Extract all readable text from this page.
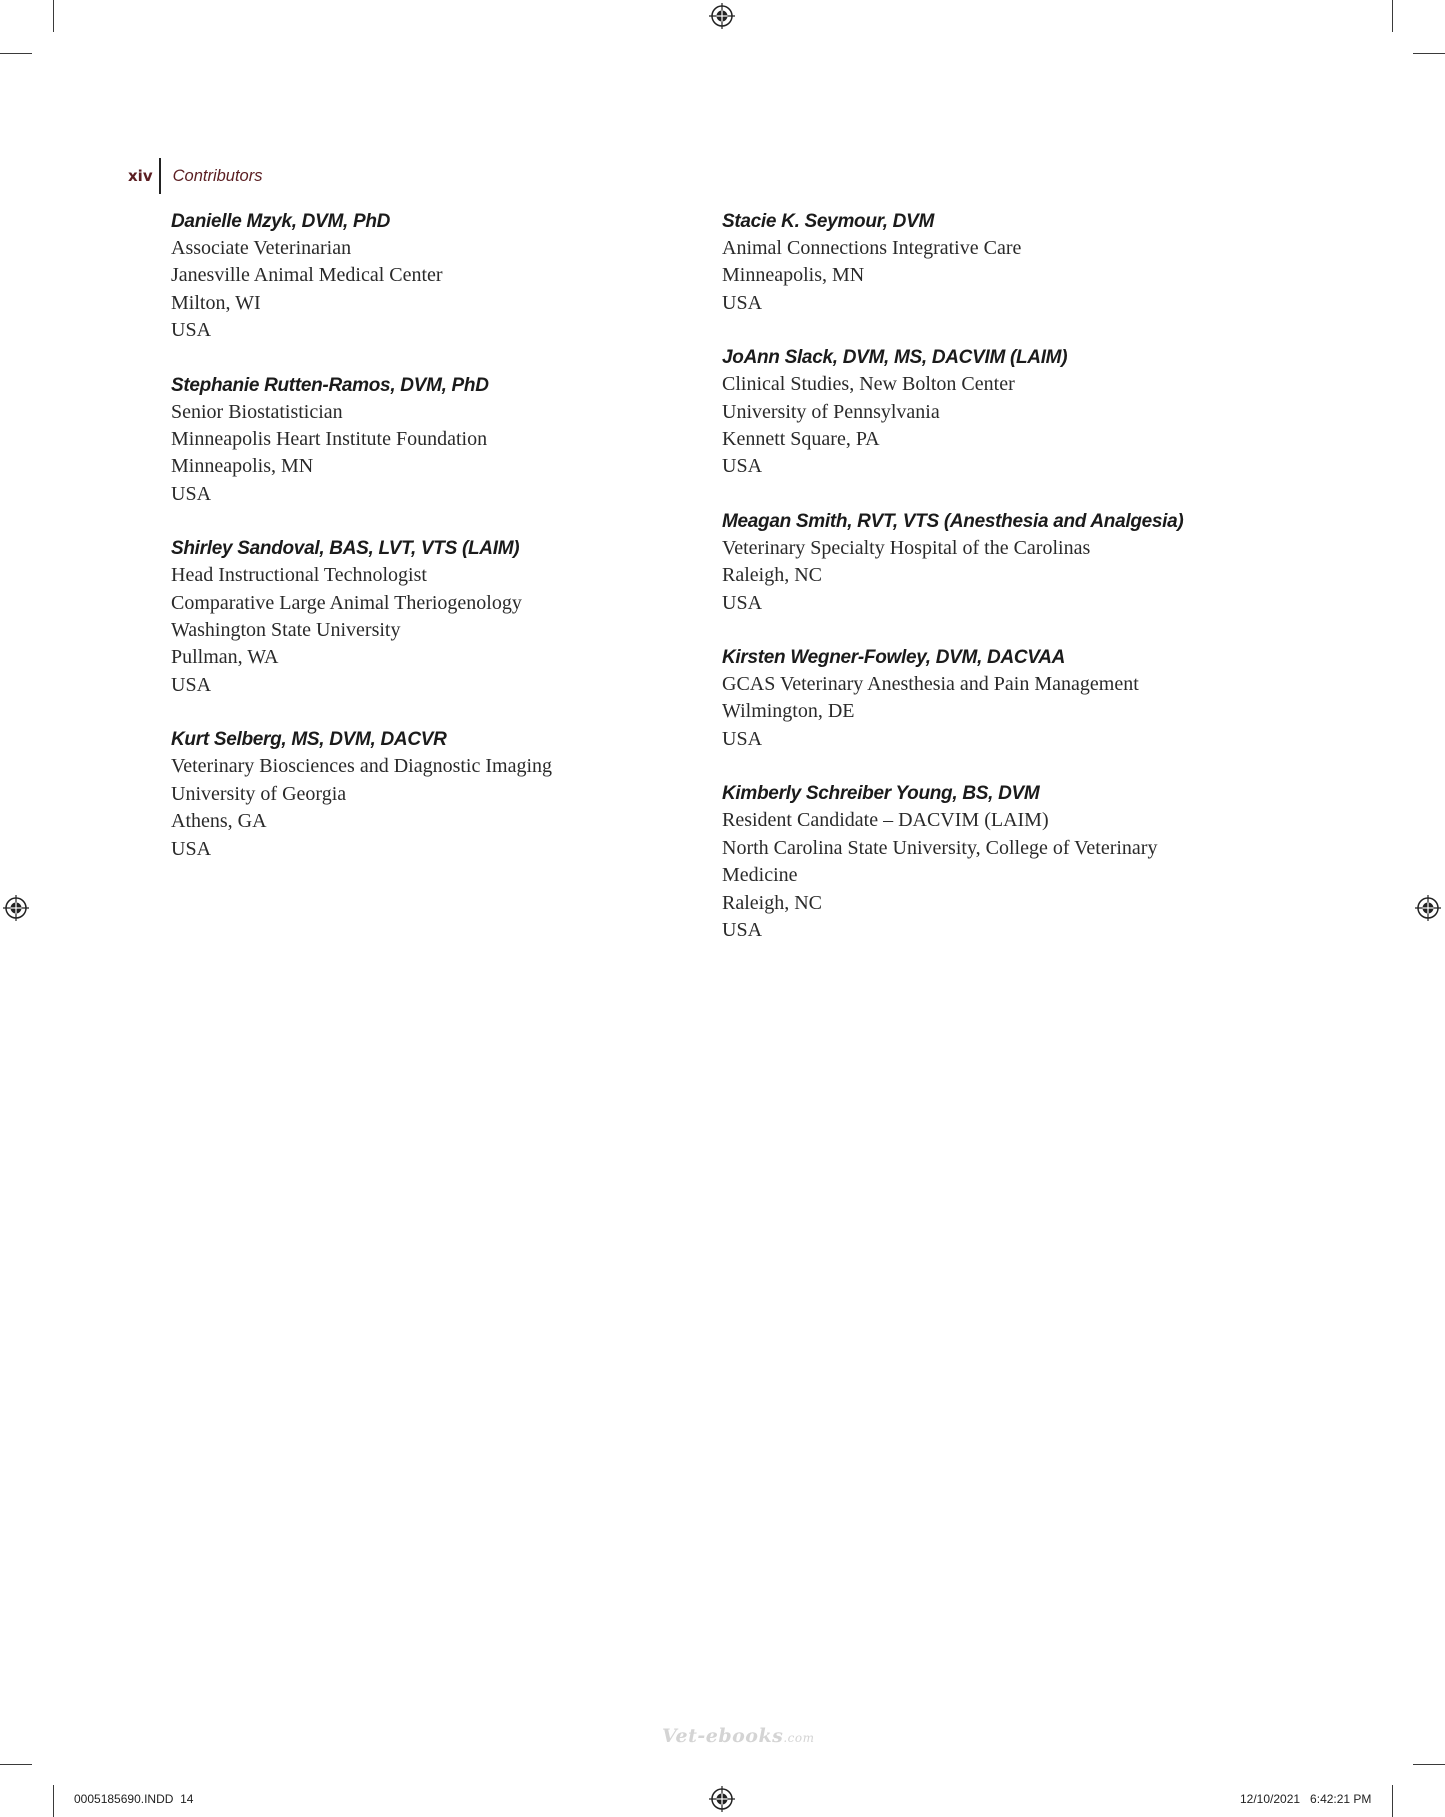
xiv Contributors
Danielle Mzyk, DVM, PhD
Associate Veterinarian
Janesville Animal Medical Center
Milton, WI
USA
Stephanie Rutten-Ramos, DVM, PhD
Senior Biostatistician
Minneapolis Heart Institute Foundation
Minneapolis, MN
USA
Shirley Sandoval, BAS, LVT, VTS (LAIM)
Head Instructional Technologist
Comparative Large Animal Theriogenology
Washington State University
Pullman, WA
USA
Kurt Selberg, MS, DVM, DACVR
Veterinary Biosciences and Diagnostic Imaging
University of Georgia
Athens, GA
USA
Stacie K. Seymour, DVM
Animal Connections Integrative Care
Minneapolis, MN
USA
JoAnn Slack, DVM, MS, DACVIM (LAIM)
Clinical Studies, New Bolton Center
University of Pennsylvania
Kennett Square, PA
USA
Meagan Smith, RVT, VTS (Anesthesia and Analgesia)
Veterinary Specialty Hospital of the Carolinas
Raleigh, NC
USA
Kirsten Wegner-Fowley, DVM, DACVAA
GCAS Veterinary Anesthesia and Pain Management
Wilmington, DE
USA
Kimberly Schreiber Young, BS, DVM
Resident Candidate – DACVIM (LAIM)
North Carolina State University, College of Veterinary
Medicine
Raleigh, NC
USA
Vet-ebooks.com
0005185690.INDD  14	12/10/2021   6:42:21 PM
